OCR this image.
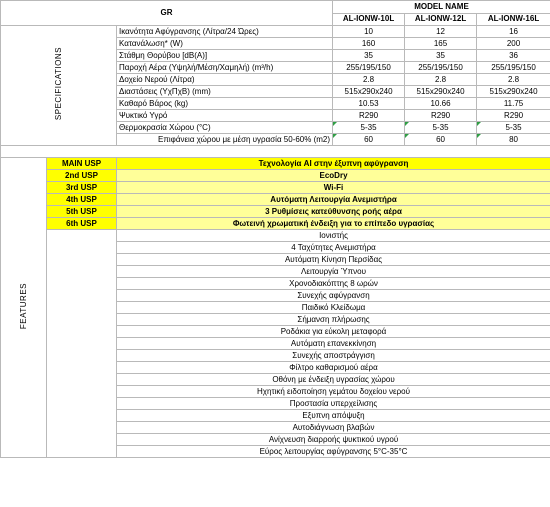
GR			MODEL NAME		
			AL-IONW-10L	AL-IONW-12L	AL-IONW-16L
SPECIFICATIONS		Ικανότητα Αφύγρανσης (Λίτρα/24 Ώρες)	10	12	16
		Κατανάλωση* (W)	160	165	200
		Στάθμη Θορύβου [dB(A)]	35	35	36
		Παροχή Αέρα (Υψηλή/Μέση/Χαμηλή) (m³/h)	255/195/150	255/195/150	255/195/150
		Δοχείο Νερού (Λίτρα)	2.8	2.8	2.8
		Διαστάσεις (ΥχΠχΒ) (mm)	515x290x240	515x290x240	515x290x240
		Καθαρό Βάρος (kg)	10.53	10.66	11.75
		Ψυκτικό Υγρό	R290	R290	R290
		Θερμοκρασία Χώρου (°C)	5-35	5-35	5-35
		Επιφάνεια χώρου με μέση υγρασία 50-60% (m2)	60	60	80

FEATURES	MAIN USP	Τεχνολογία AI στην έξυπνη αφύγρανση			
	2nd USP	EcoDry			
	3rd USP	Wi-Fi			
	4th USP	Αυτόματη Λειτουργία Ανεμιστήρα			
	5th USP	3 Ρυθμίσεις κατεύθυνσης ροής αέρα			
	6th USP	Φωτεινή χρωματική ένδειξη για το επίπεδο υγρασίας			
		Ιονιστής			
		4 Ταχύτητες Ανεμιστήρα			
		Αυτόματη Κίνηση Περσίδας			
		Λειτουργία Ύπνου			
		Χρονοδιακόπτης 8 ωρών			
		Συνεχής αφύγρανση			
		Παιδικό Κλείδωμα			
		Σήμανση πλήρωσης			
		Ροδάκια για εύκολη μεταφορά			
		Αυτόματη επανεκκίνηση			
		Συνεχής αποστράγγιση			
		Φίλτρο καθαρισμού αέρα			
		Οθόνη με ένδειξη υγρασίας χώρου			
		Ηχητική ειδοποίηση γεμάτου δοχείου νερού			
		Προστασία υπερχείλισης			
		Εξυπνη απόψυξη			
		Αυτοδιάγνωση βλαβών			
		Ανίχνευση διαρροής ψυκτικού υγρού			
		Εύρος λειτουργίας αφύγρανσης 5°C-35°C			
